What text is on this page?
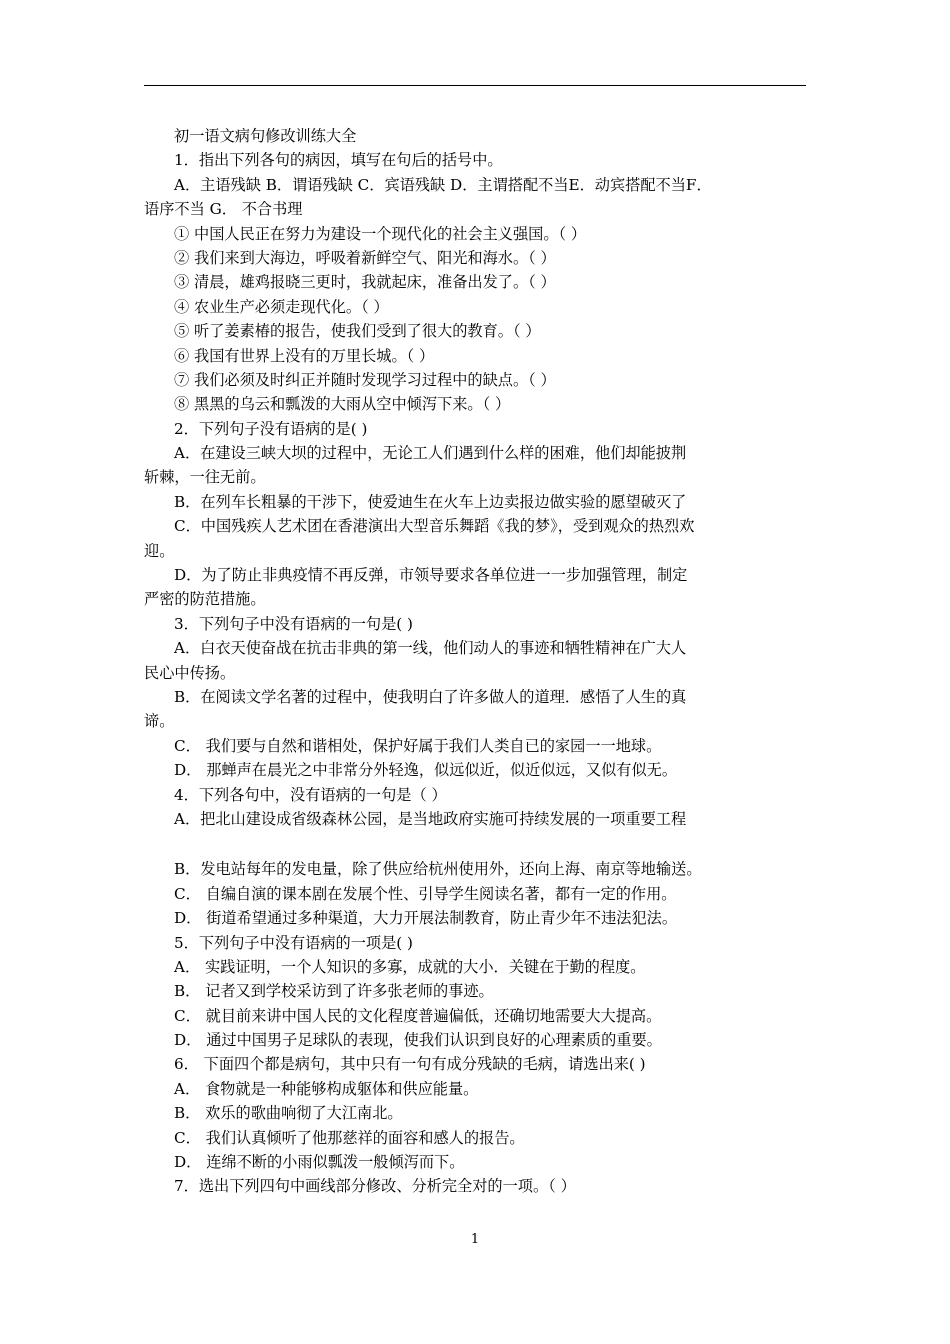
初一语文病句修改训练大全
1．指出下列各句的病因，填写在句后的括号中。
A．主语残缺 B．谓语残缺 C．宾语残缺 D．主谓搭配不当E．动宾搭配不当F．
语序不当 G． 不合书理
① 中国人民正在努力为建设一个现代化的社会主义强国。（ ）
② 我们来到大海边，呼吸着新鲜空气、阳光和海水。（ ）
③ 清晨，雄鸡报晓三更时，我就起床，准备出发了。（ ）
④ 农业生产必须走现代化。（ ）
⑤ 听了姜素椿的报告，使我们受到了很大的教育。（ ）
⑥ 我国有世界上没有的万里长城。（ ）
⑦ 我们必须及时纠正并随时发现学习过程中的缺点。（ ）
⑧ 黑黑的乌云和瓢泼的大雨从空中倾泻下来。（ ）
2．下列句子没有语病的是( )
A．在建设三峡大坝的过程中，无论工人们遇到什么样的困难，他们却能披荆
斩棘，一往无前。
B．在列车长粗暴的干涉下，使爱迪生在火车上边卖报边做实验的愿望破灭了
C．中国残疾人艺术团在香港演出大型音乐舞蹈《我的梦》，受到观众的热烈欢
迎。
D．为了防止非典疫情不再反弹，市领导要求各单位进一一步加强管理，制定
严密的防范措施。
3．下列句子中没有语病的一句是( )
A．白衣天使奋战在抗击非典的第一线，他们动人的事迹和牺牲精神在广大人
民心中传扬。
B．在阅读文学名著的过程中，使我明白了许多做人的道理．感悟了人生的真
谛。
C． 我们要与自然和谐相处，保护好属于我们人类自已的家园一一地球。
D． 那蝉声在晨光之中非常分外轻逸，似远似近，似近似远，又似有似无。
4．下列各句中，没有语病的一句是（ ）
A．把北山建设成省级森林公园，是当地政府实施可持续发展的一项重要工程
B．发电站每年的发电量，除了供应给杭州使用外，还向上海、南京等地输送。
C． 自编自演的课本剧在发展个性、引导学生阅读名著，都有一定的作用。
D． 街道希望通过多种渠道，大力开展法制教育，防止青少年不违法犯法。
5．下列句子中没有语病的一项是( )
A． 实践证明，一个人知识的多寡，成就的大小．关键在于勤的程度。
B． 记者又到学校采访到了许多张老师的事迹。
C． 就目前来讲中国人民的文化程度普遍偏低，还确切地需要大大提高。
D． 通过中国男子足球队的表现，使我们认识到良好的心理素质的重要。
6． 下面四个都是病句，其中只有一句有成分残缺的毛病，请选出来( )
A． 食物就是一种能够构成躯体和供应能量。
B． 欢乐的歌曲响彻了大江南北。
C． 我们认真倾听了他那慈祥的面容和感人的报告。
D． 连绵不断的小雨似瓢泼一般倾泻而下。
7．选出下列四句中画线部分修改、分析完全对的一项。（ ）
1
